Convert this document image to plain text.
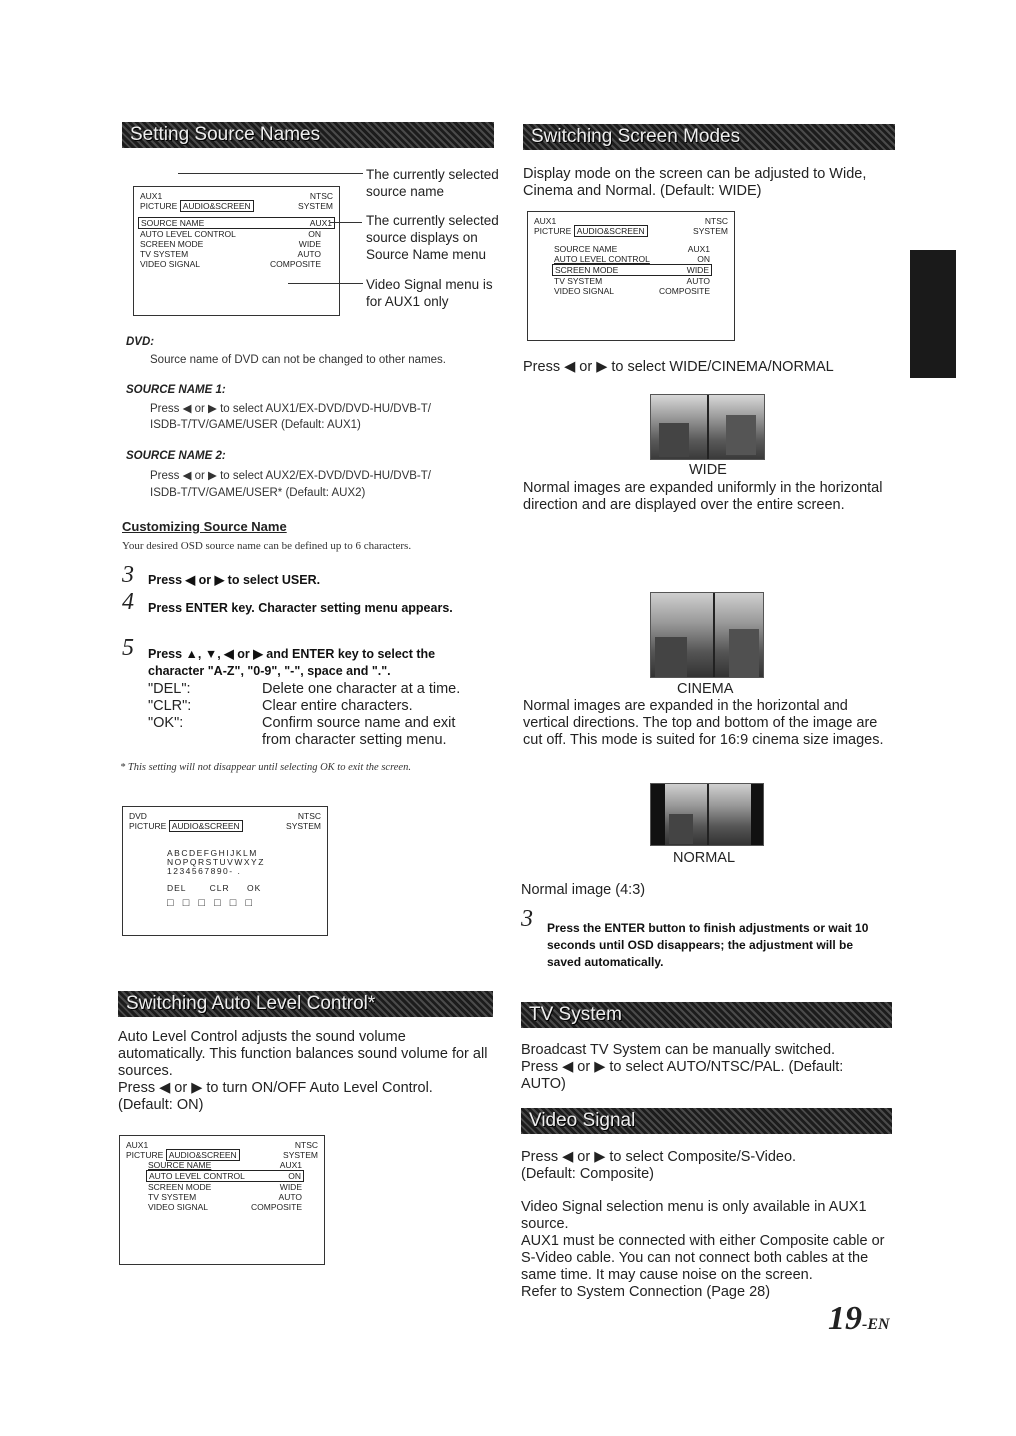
Setting Source Names
AUX1	NTSC
PICTURE AUDIO&SCREEN	SYSTEM
SOURCE NAME	AUX1
AUTO LEVEL CONTROL	ON
SCREEN MODE	WIDE
TV SYSTEM	AUTO
VIDEO SIGNAL	COMPOSITE
The currently selected source name
The currently selected source displays on Source Name menu
Video Signal menu is for AUX1 only
DVD:
Source name of DVD can not be changed to other names.
SOURCE NAME 1:
Press ◀ or ▶ to select AUX1/EX-DVD/DVD-HU/DVB-T/
ISDB-T/TV/GAME/USER (Default: AUX1)
SOURCE NAME 2:
Press ◀ or ▶ to select AUX2/EX-DVD/DVD-HU/DVB-T/
ISDB-T/TV/GAME/USER* (Default: AUX2)
Customizing Source Name
Your desired OSD source name can be defined up to 6 characters.
3 Press ◀ or ▶ to select USER.
4 Press ENTER key. Character setting menu appears.
5 Press ▲, ▼, ◀ or ▶ and ENTER key to select the character "A-Z", "0-9", "-", space and ".".
"DEL":	Delete one character at a time.
"CLR":	Clear entire characters.
"OK":	Confirm source name and exit from character setting menu.
* This setting will not disappear until selecting OK to exit the screen.
DVD	NTSC
PICTURE AUDIO&SCREEN	SYSTEM
ABCDEFGHIJKLM
NOPQRSTUVWXYZ
1234567890- .
DEL	CLR OK
□ □ □ □ □ □
Switching Auto Level Control*
Auto Level Control adjusts the sound volume automatically. This function balances sound volume for all sources.
Press ◀ or ▶ to turn ON/OFF Auto Level Control.
(Default: ON)
AUX1	NTSC
PICTURE AUDIO&SCREEN	SYSTEM
SOURCE NAME	AUX1
AUTO LEVEL CONTROL	ON
SCREEN MODE	WIDE
TV SYSTEM	AUTO
VIDEO SIGNAL	COMPOSITE
Switching Screen Modes
Display mode on the screen can be adjusted to Wide, Cinema and Normal. (Default: WIDE)
AUX1	NTSC
PICTURE AUDIO&SCREEN	SYSTEM
SOURCE NAME	AUX1
AUTO LEVEL CONTROL	ON
SCREEN MODE	WIDE
TV SYSTEM	AUTO
VIDEO SIGNAL	COMPOSITE
Press ◀ or ▶ to select WIDE/CINEMA/NORMAL
WIDE
Normal images are expanded uniformly in the horizontal direction and are displayed over the entire screen.
CINEMA
Normal images are expanded in the horizontal and vertical directions. The top and bottom of the image are cut off. This mode is suited for 16:9 cinema size images.
NORMAL
Normal image (4:3)
3 Press the ENTER button to finish adjustments or wait 10 seconds until OSD disappears; the adjustment will be saved automatically.
TV System
Broadcast TV System can be manually switched.
Press ◀ or ▶ to select AUTO/NTSC/PAL. (Default: AUTO)
Video Signal
Press ◀ or ▶ to select Composite/S-Video.
(Default: Composite)
Video Signal selection menu is only available in AUX1 source.
AUX1 must be connected with either Composite cable or S-Video cable. You can not connect both cables at the same time. It may cause noise on the screen.
Refer to System Connection (Page 28)
19-EN
